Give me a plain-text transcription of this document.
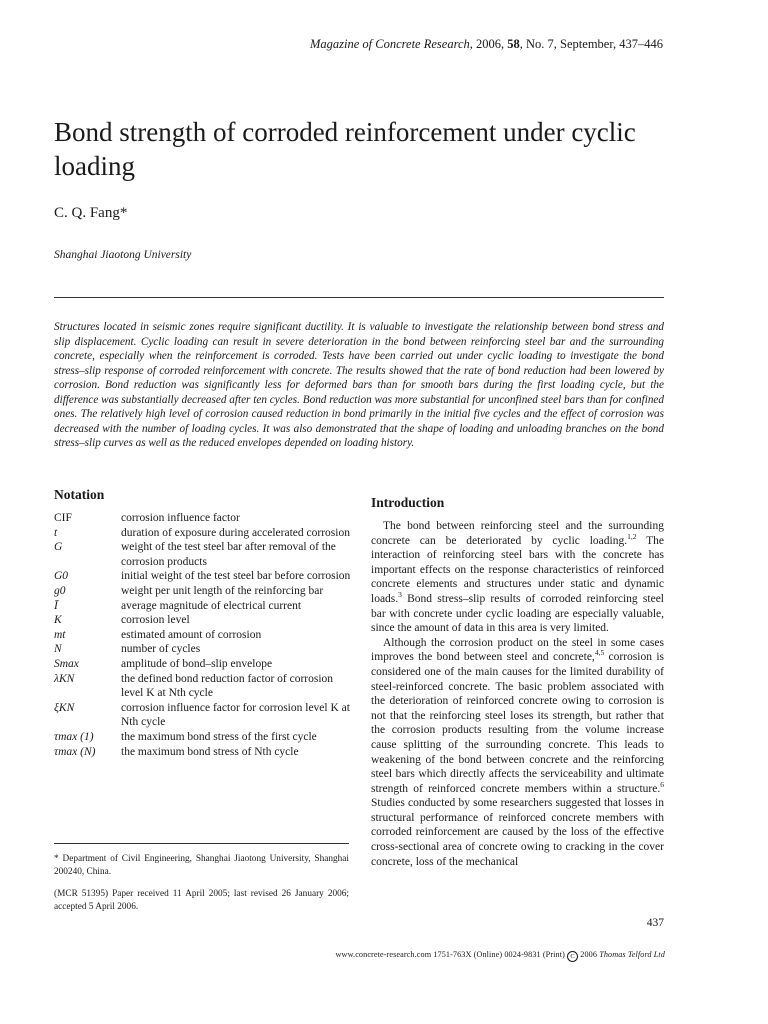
Magazine of Concrete Research, 2006, 58, No. 7, September, 437–446
Bond strength of corroded reinforcement under cyclic loading
C. Q. Fang*
Shanghai Jiaotong University

Structures located in seismic zones require significant ductility. It is valuable to investigate the relationship between bond stress and slip displacement. Cyclic loading can result in severe deterioration in the bond between reinforcing steel bar and the surrounding concrete, especially when the reinforcement is corroded. Tests have been carried out under cyclic loading to investigate the bond stress–slip response of corroded reinforcement with concrete. The results showed that the rate of bond reduction had been lowered by corrosion. Bond reduction was significantly less for deformed bars than for smooth bars during the first loading cycle, but the difference was substantially decreased after ten cycles. Bond reduction was more substantial for unconfined steel bars than for confined ones. The relatively high level of corrosion caused reduction in bond primarily in the initial five cycles and the effect of corrosion was decreased with the number of loading cycles. It was also demonstrated that the shape of loading and unloading branches on the bond stress–slip curves as well as the reduced envelopes depended on loading history.

Notation
CIF	corrosion influence factor
t	duration of exposure during accelerated corrosion
G	weight of the test steel bar after removal of the corrosion products
G0	initial weight of the test steel bar before corrosion
g0	weight per unit length of the reinforcing bar
Ī	average magnitude of electrical current
K	corrosion level
mt	estimated amount of corrosion
N	number of cycles
Smax	amplitude of bond–slip envelope
λKN	the defined bond reduction factor of corrosion level K at Nth cycle
ξKN	corrosion influence factor for corrosion level K at Nth cycle
τmax (1)	the maximum bond stress of the first cycle
τmax (N)	the maximum bond stress of Nth cycle

* Department of Civil Engineering, Shanghai Jiaotong University, Shanghai 200240, China.

(MCR 51395) Paper received 11 April 2005; last revised 26 January 2006; accepted 5 April 2006.

Introduction

The bond between reinforcing steel and the surrounding concrete can be deteriorated by cyclic loading.$^{1,2}$ The interaction of reinforcing steel bars with the concrete has important effects on the response characteristics of reinforced concrete elements and structures under static and dynamic loads.$^3$ Bond stress–slip results of corroded reinforcing steel bar with concrete under cyclic loading are especially valuable, since the amount of data in this area is very limited.

Although the corrosion product on the steel in some cases improves the bond between steel and concrete,$^{4,5}$ corrosion is considered one of the main causes for the limited durability of steel-reinforced concrete. The basic problem associated with the deterioration of reinforced concrete owing to corrosion is not that the reinforcing steel loses its strength, but rather that the corrosion products resulting from the volume increase cause splitting of the surrounding concrete. This leads to weakening of the bond between concrete and the reinforcing steel bars which directly affects the serviceability and ultimate strength of reinforced concrete members within a structure.$^6$ Studies conducted by some researchers suggested that losses in structural performance of reinforced concrete members with corroded reinforcement are caused by the loss of the effective cross-sectional area of concrete owing to cracking in the cover concrete, loss of the mechanical

437
www.concrete-research.com 1751-763X (Online) 0024-9831 (Print) C 2006 Thomas Telford Ltd
